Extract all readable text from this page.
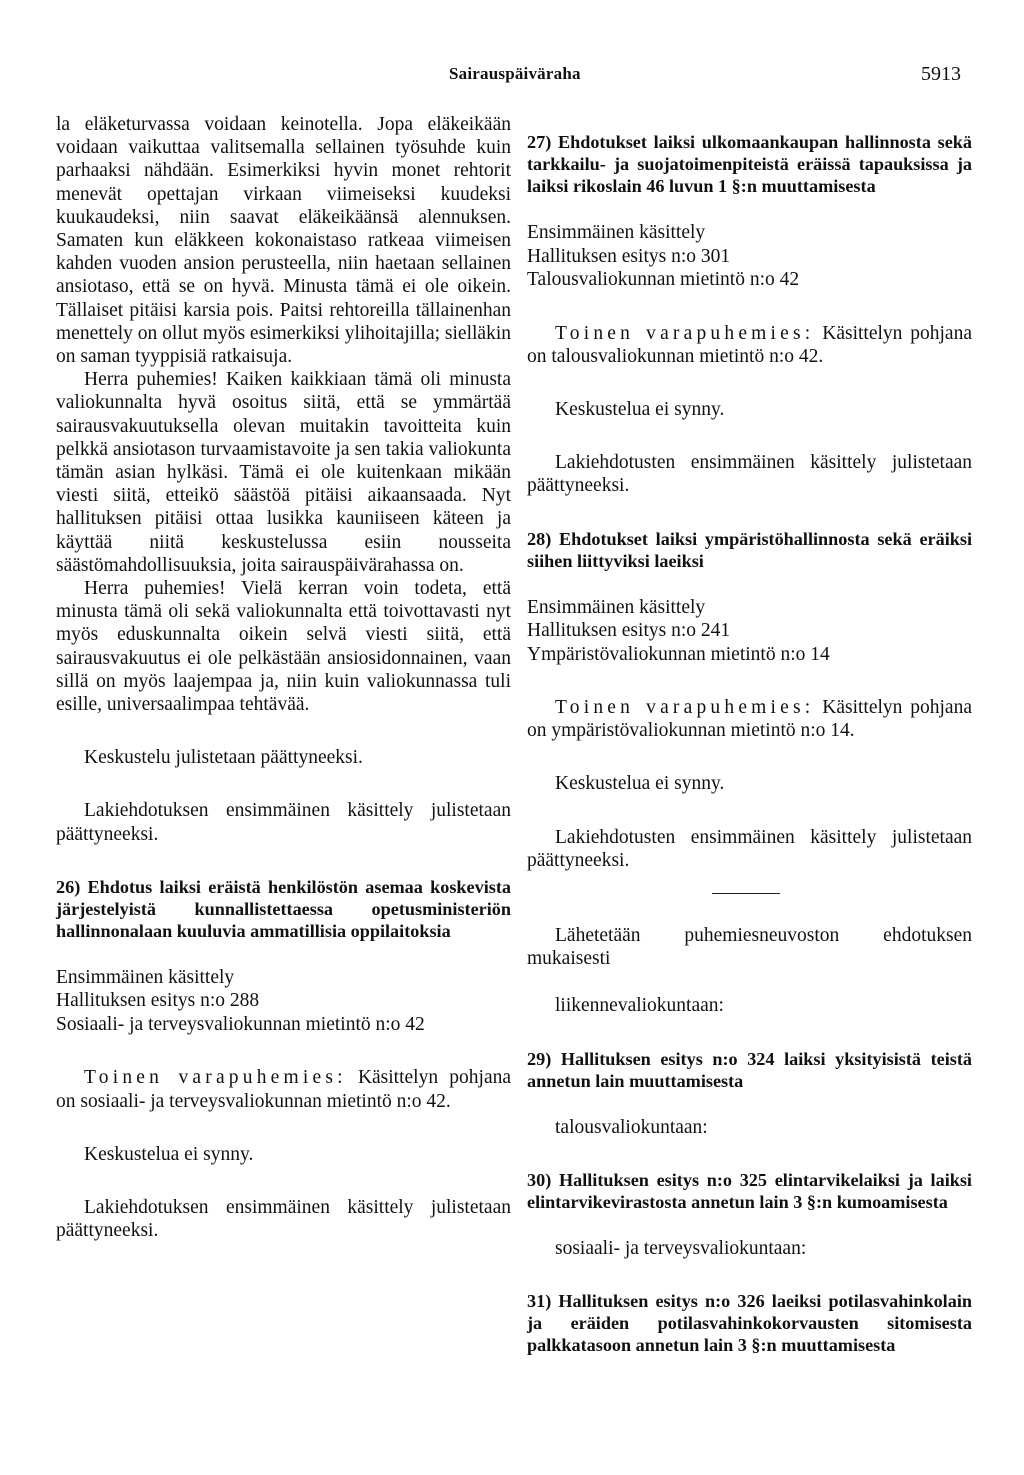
Sairauspäiväraha	5913

la eläketurvassa voidaan keinotella. Jopa eläkeikään voidaan vaikuttaa valitsemalla sellainen työsuhde kuin parhaaksi nähdään. Esimerkiksi hyvin monet rehtorit menevät opettajan virkaan viimeiseksi kuudeksi kuukaudeksi, niin saavat eläkeikäänsä alennuksen. Samaten kun eläkkeen kokonaistaso ratkeaa viimeisen kahden vuoden ansion perusteella, niin haetaan sellainen ansiotaso, että se on hyvä. Minusta tämä ei ole oikein. Tällaiset pitäisi karsia pois. Paitsi rehtoreilla tällainenhan menettely on ollut myös esimerkiksi ylihoitajilla; sielläkin on saman tyyppisiä ratkaisuja.

Herra puhemies! Kaiken kaikkiaan tämä oli minusta valiokunnalta hyvä osoitus siitä, että se ymmärtää sairausvakuutuksella olevan muitakin tavoitteita kuin pelkkä ansiotason turvaamistavoite ja sen takia valiokunta tämän asian hylkäsi. Tämä ei ole kuitenkaan mikään viesti siitä, etteikö säästöä pitäisi aikaansaada. Nyt hallituksen pitäisi ottaa lusikka kauniiseen käteen ja käyttää niitä keskustelussa esiin nousseita säästömahdollisuuksia, joita sairauspäivärahassa on.

Herra puhemies! Vielä kerran voin todeta, että minusta tämä oli sekä valiokunnalta että toivottavasti nyt myös eduskunnalta oikein selvä viesti siitä, että sairausvakuutus ei ole pelkästään ansiosidonnainen, vaan sillä on myös laajempaa ja, niin kuin valiokunnassa tuli esille, universaalimpaa tehtävää.

Keskustelu julistetaan päättyneeksi.

Lakiehdotuksen ensimmäinen käsittely julistetaan päättyneeksi.

26) Ehdotus laiksi eräistä henkilöstön asemaa koskevista järjestelyistä kunnallistettaessa opetusministeriön hallinnonalaan kuuluvia ammatillisia oppilaitoksia

Ensimmäinen käsittely

Hallituksen esitys n:o 288

Sosiaali- ja terveysvaliokunnan mietintö n:o 42

Toinen varapuhemies: Käsittelyn pohjana on sosiaali- ja terveysvaliokunnan mietintö n:o 42.

Keskustelua ei synny.

Lakiehdotuksen ensimmäinen käsittely julistetaan päättyneeksi.

27) Ehdotukset laiksi ulkomaankaupan hallinnosta sekä tarkkailu- ja suojatoimenpiteistä eräissä tapauksissa ja laiksi rikoslain 46 luvun 1 §:n muuttamisesta

Ensimmäinen käsittely

Hallituksen esitys n:o 301

Talousvaliokunnan mietintö n:o 42

Toinen varapuhemies: Käsittelyn pohjana on talousvaliokunnan mietintö n:o 42.

Keskustelua ei synny.

Lakiehdotusten ensimmäinen käsittely julistetaan päättyneeksi.

28) Ehdotukset laiksi ympäristöhallinnosta sekä eräiksi siihen liittyviksi laeiksi

Ensimmäinen käsittely

Hallituksen esitys n:o 241

Ympäristövaliokunnan mietintö n:o 14

Toinen varapuhemies: Käsittelyn pohjana on ympäristövaliokunnan mietintö n:o 14.

Keskustelua ei synny.

Lakiehdotusten ensimmäinen käsittely julistetaan päättyneeksi.

Lähetetään puhemiesneuvoston ehdotuksen mukaisesti

liikennevaliokuntaan:

29) Hallituksen esitys n:o 324 laiksi yksityisistä teistä annetun lain muuttamisesta

talousvaliokuntaan:

30) Hallituksen esitys n:o 325 elintarvikelaiksi ja laiksi elintarvikevirastosta annetun lain 3 §:n kumoamisesta

sosiaali- ja terveysvaliokuntaan:

31) Hallituksen esitys n:o 326 laeiksi potilasvahinkolain ja eräiden potilasvahinkokorvausten sitomisesta palkkatasoon annetun lain 3 §:n muuttamisesta
